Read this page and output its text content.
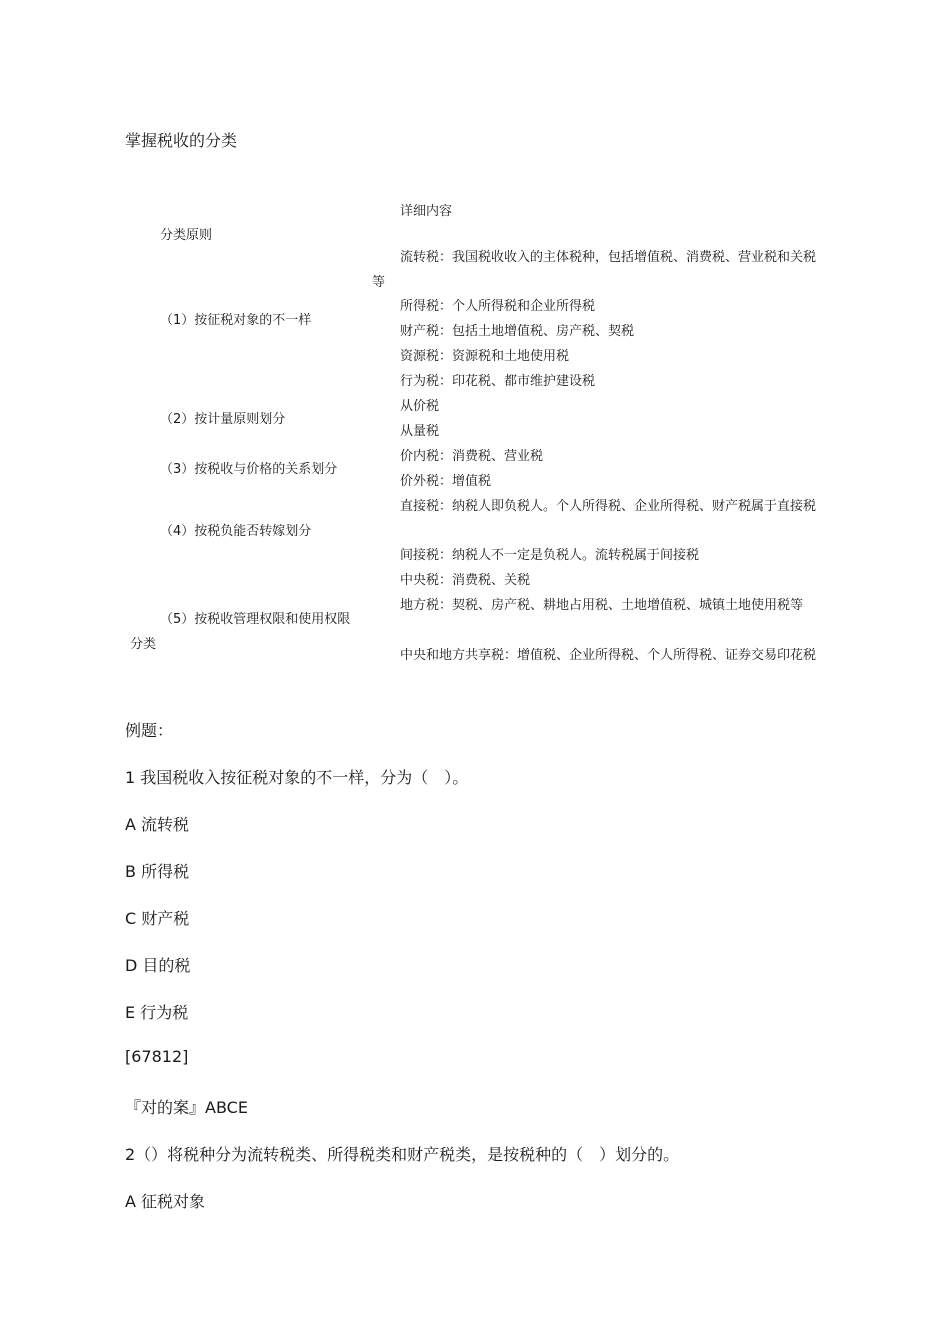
掌握税收的分类
详细内容
分类原则
（1）按征税对象的不一样
（2）按计量原则划分
（3）按税收与价格的关系划分
（4）按税负能否转嫁划分
（5）按税收管理权限和使用权限
分类
流转税：我国税收收入的主体税种，包括增值税、消费税、营业税和关税等
所得税：个人所得税和企业所得税
财产税：包括土地增值税、房产税、契税
资源税：资源税和土地使用税
行为税：印花税、都市维护建设税
从价税
从量税
价内税：消费税、营业税
价外税：增值税
直接税：纳税人即负税人。个人所得税、企业所得税、财产税属于直接税
间接税：纳税人不一定是负税人。流转税属于间接税
中央税：消费税、关税
地方税：契税、房产税、耕地占用税、土地增值税、城镇土地使用税等
中央和地方共享税：增值税、企业所得税、个人所得税、证券交易印花税
例题：
1 我国税收入按征税对象的不一样，分为（　）。
A 流转税
B 所得税
C 财产税
D 目的税
E 行为税
[67812]
『对的案』ABCE
2（）将税种分为流转税类、所得税类和财产税类，是按税种的（　）划分的。
A 征税对象
